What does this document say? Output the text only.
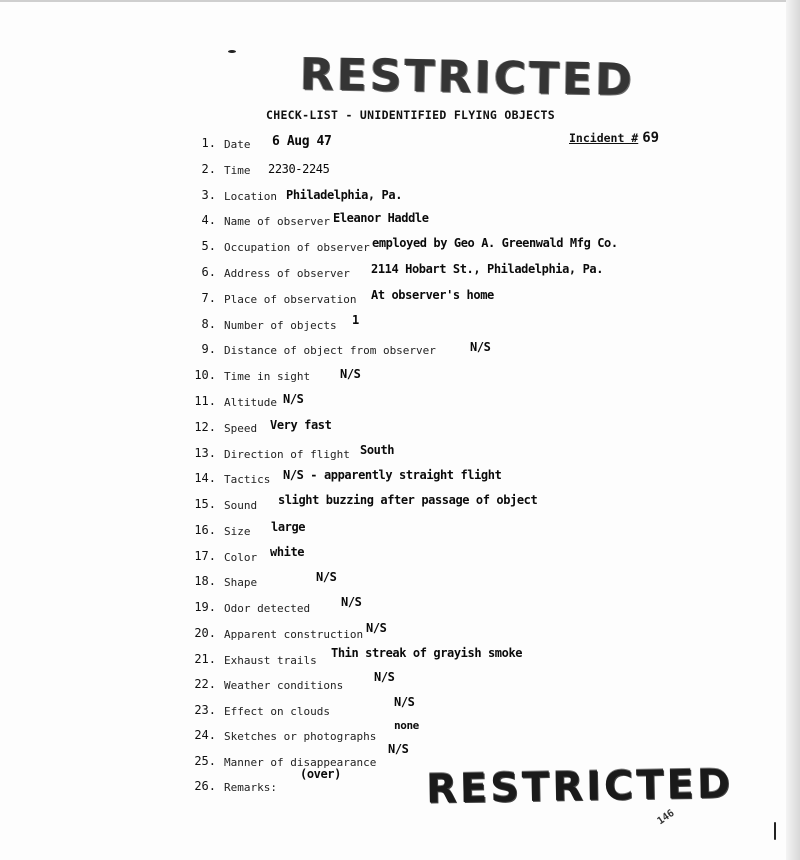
RESTRICTED
CHECK-LIST - UNIDENTIFIED FLYING OBJECTS
Incident # 69
1. Date 6 Aug 47
2. Time 2230-2245
3. Location Philadelphia, Pa.
4. Name of observer Eleanor Haddle
5. Occupation of observer employed by Geo A. Greenwald Mfg Co.
6. Address of observer 2114 Hobart St., Philadelphia, Pa.
7. Place of observation At observer's home
8. Number of objects 1
9. Distance of object from observer	N/S
10. Time in sight N/S
11. Altitude N/S
12. Speed Very fast
13. Direction of flight South
14. Tactics N/S - apparently straight flight
15. Sound slight buzzing after passage of object
16. Size large
17. Color white
18. Shape	N/S
19. Odor detected	N/S
20. Apparent construction N/S
21. Exhaust trails
Thin streak of grayish smoke
22. Weather conditions
N/S
23. Effect on clouds
N/S
24. Sketches or photographs
none
25. Manner of disappearance
N/S
26. Remarks:
(over) RESTRICTED
146
